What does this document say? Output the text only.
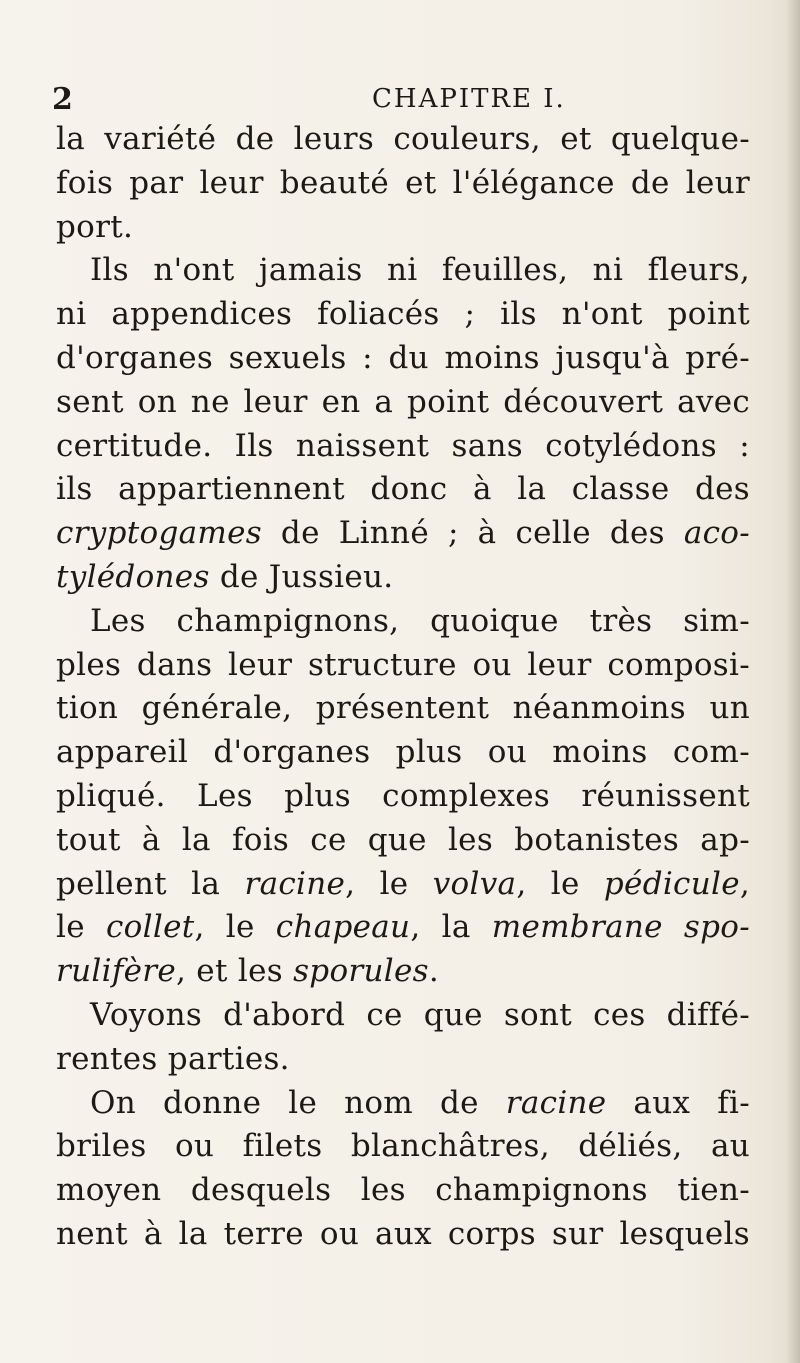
2	CHAPITRE I.
la variété de leurs couleurs, et quelque-
fois par leur beauté et l'élégance de leur
port.
Ils n'ont jamais ni feuilles, ni fleurs,
ni appendices foliacés ; ils n'ont point
d'organes sexuels : du moins jusqu'à pré-
sent on ne leur en a point découvert avec
certitude. Ils naissent sans cotylédons :
ils appartiennent donc à la classe des
cryptogames de Linné ; à celle des aco-
tylédones de Jussieu.
Les champignons, quoique très sim-
ples dans leur structure ou leur composi-
tion générale, présentent néanmoins un
appareil d'organes plus ou moins com-
pliqué. Les plus complexes réunissent
tout à la fois ce que les botanistes ap-
pellent la racine, le volva, le pédicule,
le collet, le chapeau, la membrane spo-
rulifère, et les sporules.
Voyons d'abord ce que sont ces diffé-
rentes parties.
On donne le nom de racine aux fi-
briles ou filets blanchâtres, déliés, au
moyen desquels les champignons tien-
nent à la terre ou aux corps sur lesquels
